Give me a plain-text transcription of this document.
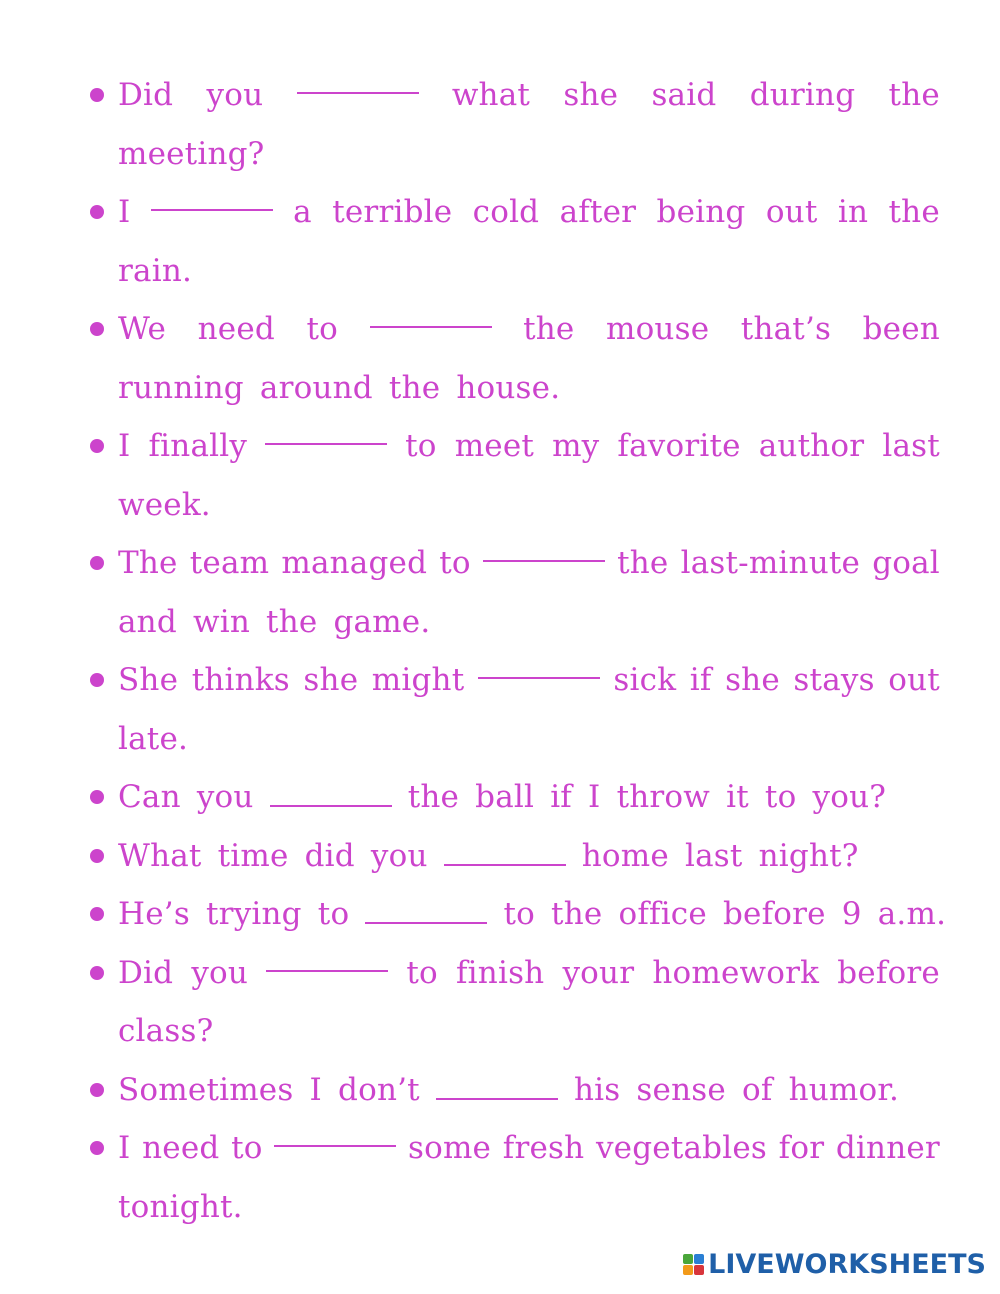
Did you	what she said during the
meeting?
I	a terrible cold after being out in the
rain.
We need to	the mouse that’s been
running around the house.
I finally	to meet my favorite author last
week.
The team managed to	the last-minute goal
and win the game.
She thinks she might	sick if she stays out
late.
Can you	the ball if I throw it to you?
What time did you	home last night?
He’s trying to	to the office before 9 a.m.
Did you	to finish your homework before
class?
Sometimes I don’t	his sense of humor.
I need to	some fresh vegetables for dinner
tonight.
LIVEWORKSHEETS
